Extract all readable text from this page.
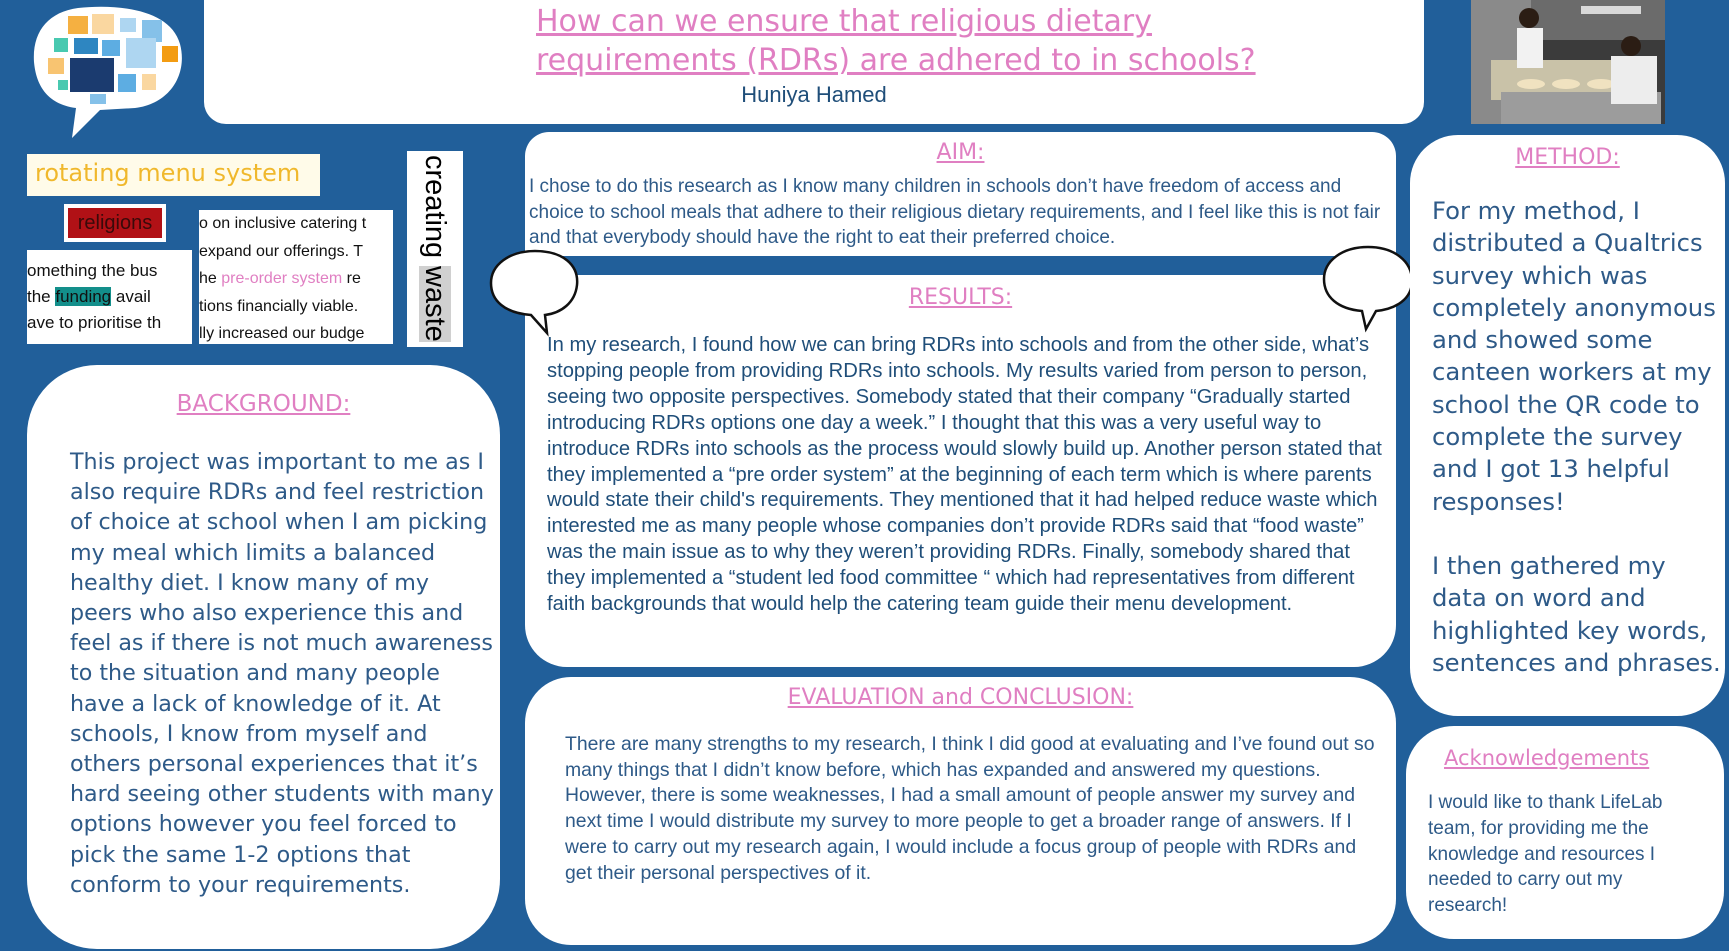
How can we ensure that religious dietary
requirements (RDRs) are adhered to in schools?
Huniya Hamed
rotating menu system
religions
omething the bus
the funding avail
ave to prioritise th
o on inclusive catering t
expand our offerings. T
he pre-order system re
tions financially viable.
lly increased our budge
creating waste
AIM:
I chose to do this research as I know many children in schools don’t have freedom of access and choice to school meals that adhere to their religious dietary requirements, and I feel like this is not fair and that everybody should have the right to eat their preferred choice.
RESULTS:
In my research, I found how we can bring RDRs into schools and from the other side, what’s stopping people from providing RDRs into schools. My results varied from person to person, seeing two opposite perspectives. Somebody stated that their company “Gradually started introducing RDRs options one day a week.” I thought that this was a very useful way to introduce RDRs into schools as the process would slowly build up. Another person stated that they implemented a “pre order system” at the beginning of each term which is where parents would state their child's requirements. They mentioned that it had helped reduce waste which interested me as many people whose companies don’t provide RDRs said that “food waste” was the main issue as to why they weren’t providing RDRs. Finally, somebody shared that they implemented a “student led food committee “ which had representatives from different faith backgrounds that would help the catering team guide their menu development.
BACKGROUND:
This project was important to me as I also require RDRs and feel restriction of choice at school when I am picking my meal which limits a balanced healthy diet. I know many of my peers who also experience this and feel as if there is not much awareness to the situation and many people have a lack of knowledge of it. At schools, I know from myself and others personal experiences that it’s hard seeing other students with many options however you feel forced to pick the same 1-2 options that conform to your requirements.
EVALUATION and CONCLUSION:
There are many strengths to my research, I think I did good at evaluating and I’ve found out so many things that I didn’t know before, which has expanded and answered my questions. However, there is some weaknesses, I had a small amount of people answer my survey and next time I would distribute my survey to more people to get a broader range of answers. If I were to carry out my research again, I would include a focus group of people with RDRs and get their personal perspectives of it.
METHOD:

For my method, I distributed a Qualtrics survey which was completely anonymous and showed some canteen workers at my school the QR code to complete the survey and I got 13 helpful responses!

I then gathered my data on word and highlighted key words, sentences and phrases.

Acknowledgements
I would like to thank LifeLab team, for providing me the knowledge and resources I needed to carry out my research!
